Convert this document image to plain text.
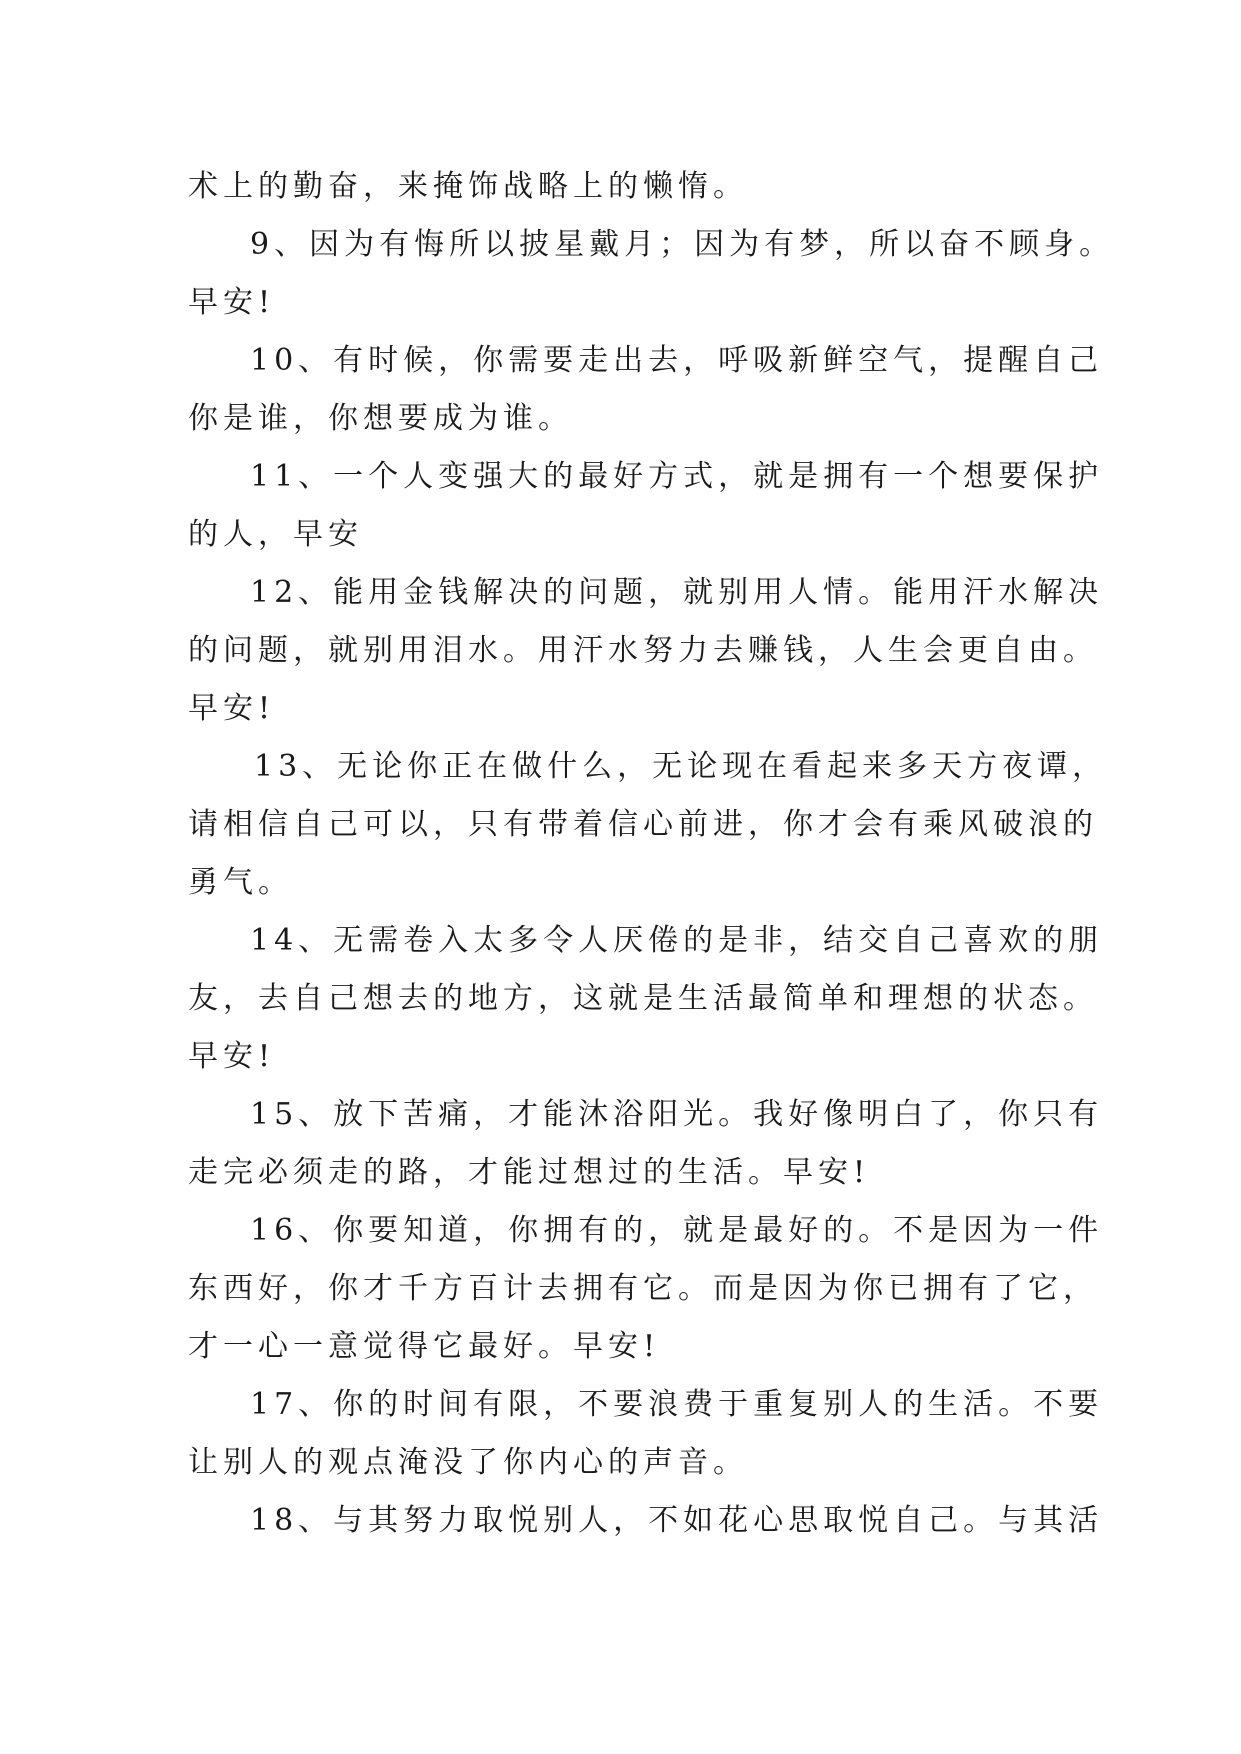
术上的勤奋，来掩饰战略上的懒惰。
9、因为有悔所以披星戴月；因为有梦，所以奋不顾身。
早安!
10、有时候，你需要走出去，呼吸新鲜空气，提醒自己
你是谁，你想要成为谁。
11、一个人变强大的最好方式，就是拥有一个想要保护
的人，早安
12、能用金钱解决的问题，就别用人情。能用汗水解决
的问题，就别用泪水。用汗水努力去赚钱，人生会更自由。
早安!
13、无论你正在做什么，无论现在看起来多天方夜谭，
请相信自己可以，只有带着信心前进，你才会有乘风破浪的
勇气。
14、无需卷入太多令人厌倦的是非，结交自己喜欢的朋
友，去自己想去的地方，这就是生活最简单和理想的状态。
早安!
15、放下苦痛，才能沐浴阳光。我好像明白了，你只有
走完必须走的路，才能过想过的生活。早安!
16、你要知道，你拥有的，就是最好的。不是因为一件
东西好，你才千方百计去拥有它。而是因为你已拥有了它，
才一心一意觉得它最好。早安!
17、你的时间有限，不要浪费于重复别人的生活。不要
让别人的观点淹没了你内心的声音。
18、与其努力取悦别人，不如花心思取悦自己。与其活
